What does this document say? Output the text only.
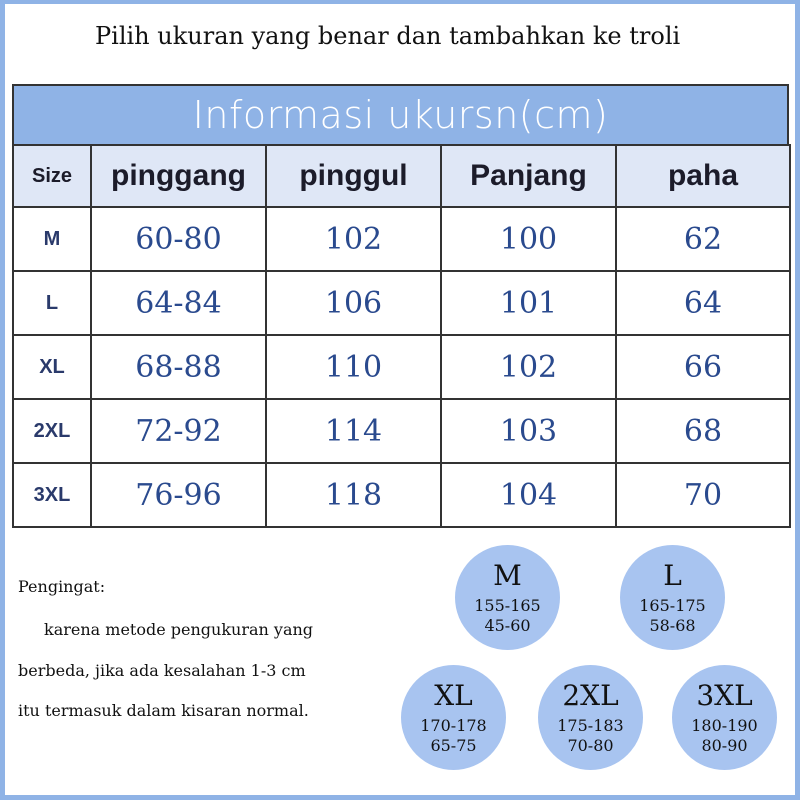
Pilih ukuran yang benar dan tambahkan ke troli
Informasi ukursn(cm)
Size	pinggang	pinggul	Panjang	paha
M	60-80	102	100	62
L	64-84	106	101	64
XL	68-88	110	102	66
2XL	72-92	114	103	68
3XL	76-96	118	104	70
Pengingat:
karena metode pengukuran yang
berbeda, jika ada kesalahan 1-3 cm
itu termasuk dalam kisaran normal.
M
155-165
45-60
L
165-175
58-68
XL
170-178
65-75
2XL
175-183
70-80
3XL
180-190
80-90
